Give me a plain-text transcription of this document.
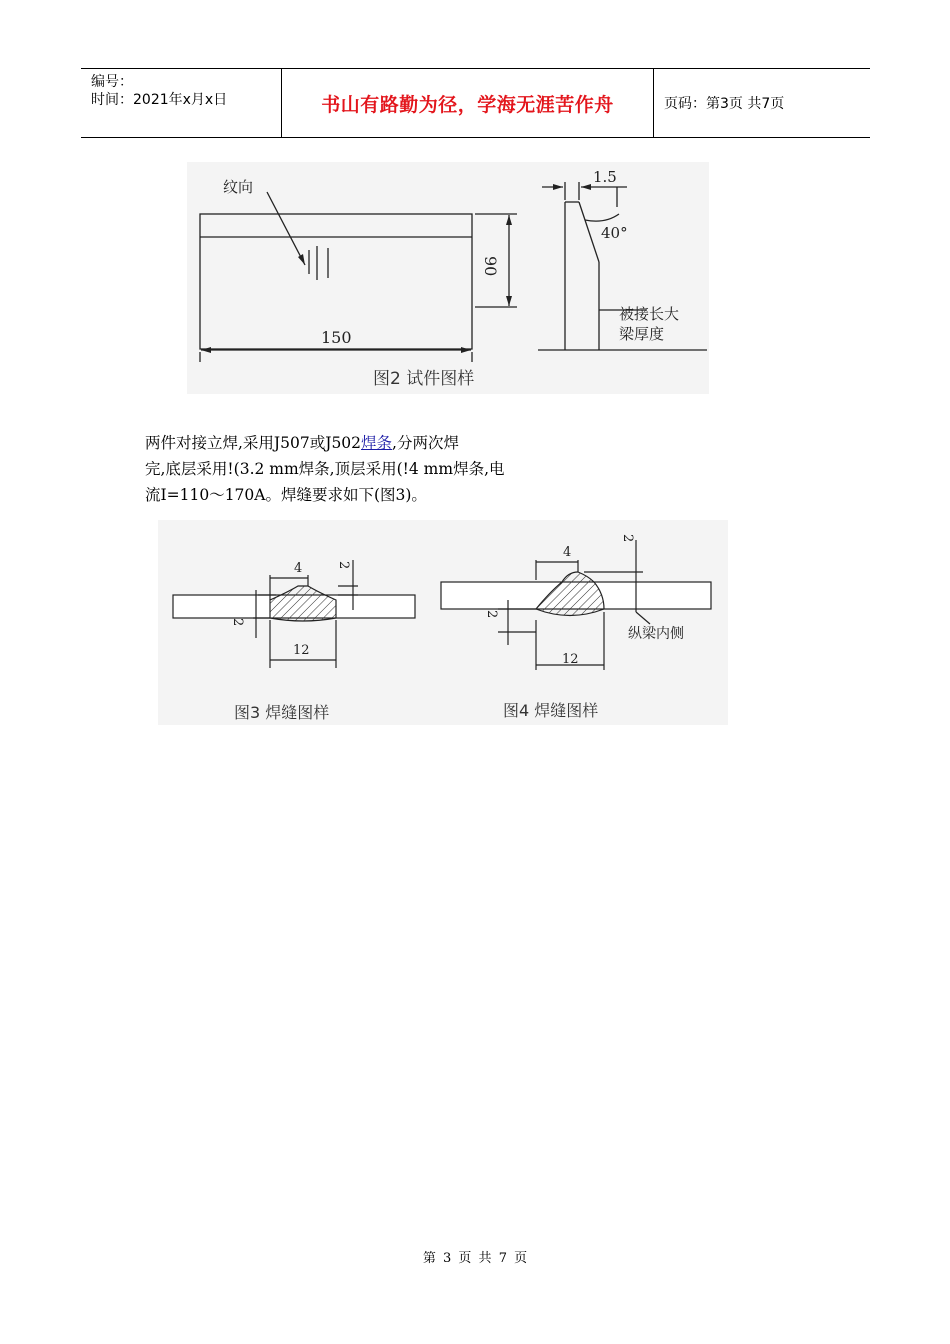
编号：
时间：2021年x月x日	书山有路勤为径，学海无涯苦作舟	页码：第3页 共7页
纹向
150
90
1.5
40°
被接长大
梁厚度
图2 试件图样

两件对接立焊,采用J507或J502焊条,分两次焊

完,底层采用!(3.2 mm焊条,顶层采用(!4 mm焊条,电

流I=110～170A。焊缝要求如下(图3)。

4	2
2
12
图3 焊缝图样
4
2
2
12
纵梁内侧
图4 焊缝图样
第 3 页 共 7 页
